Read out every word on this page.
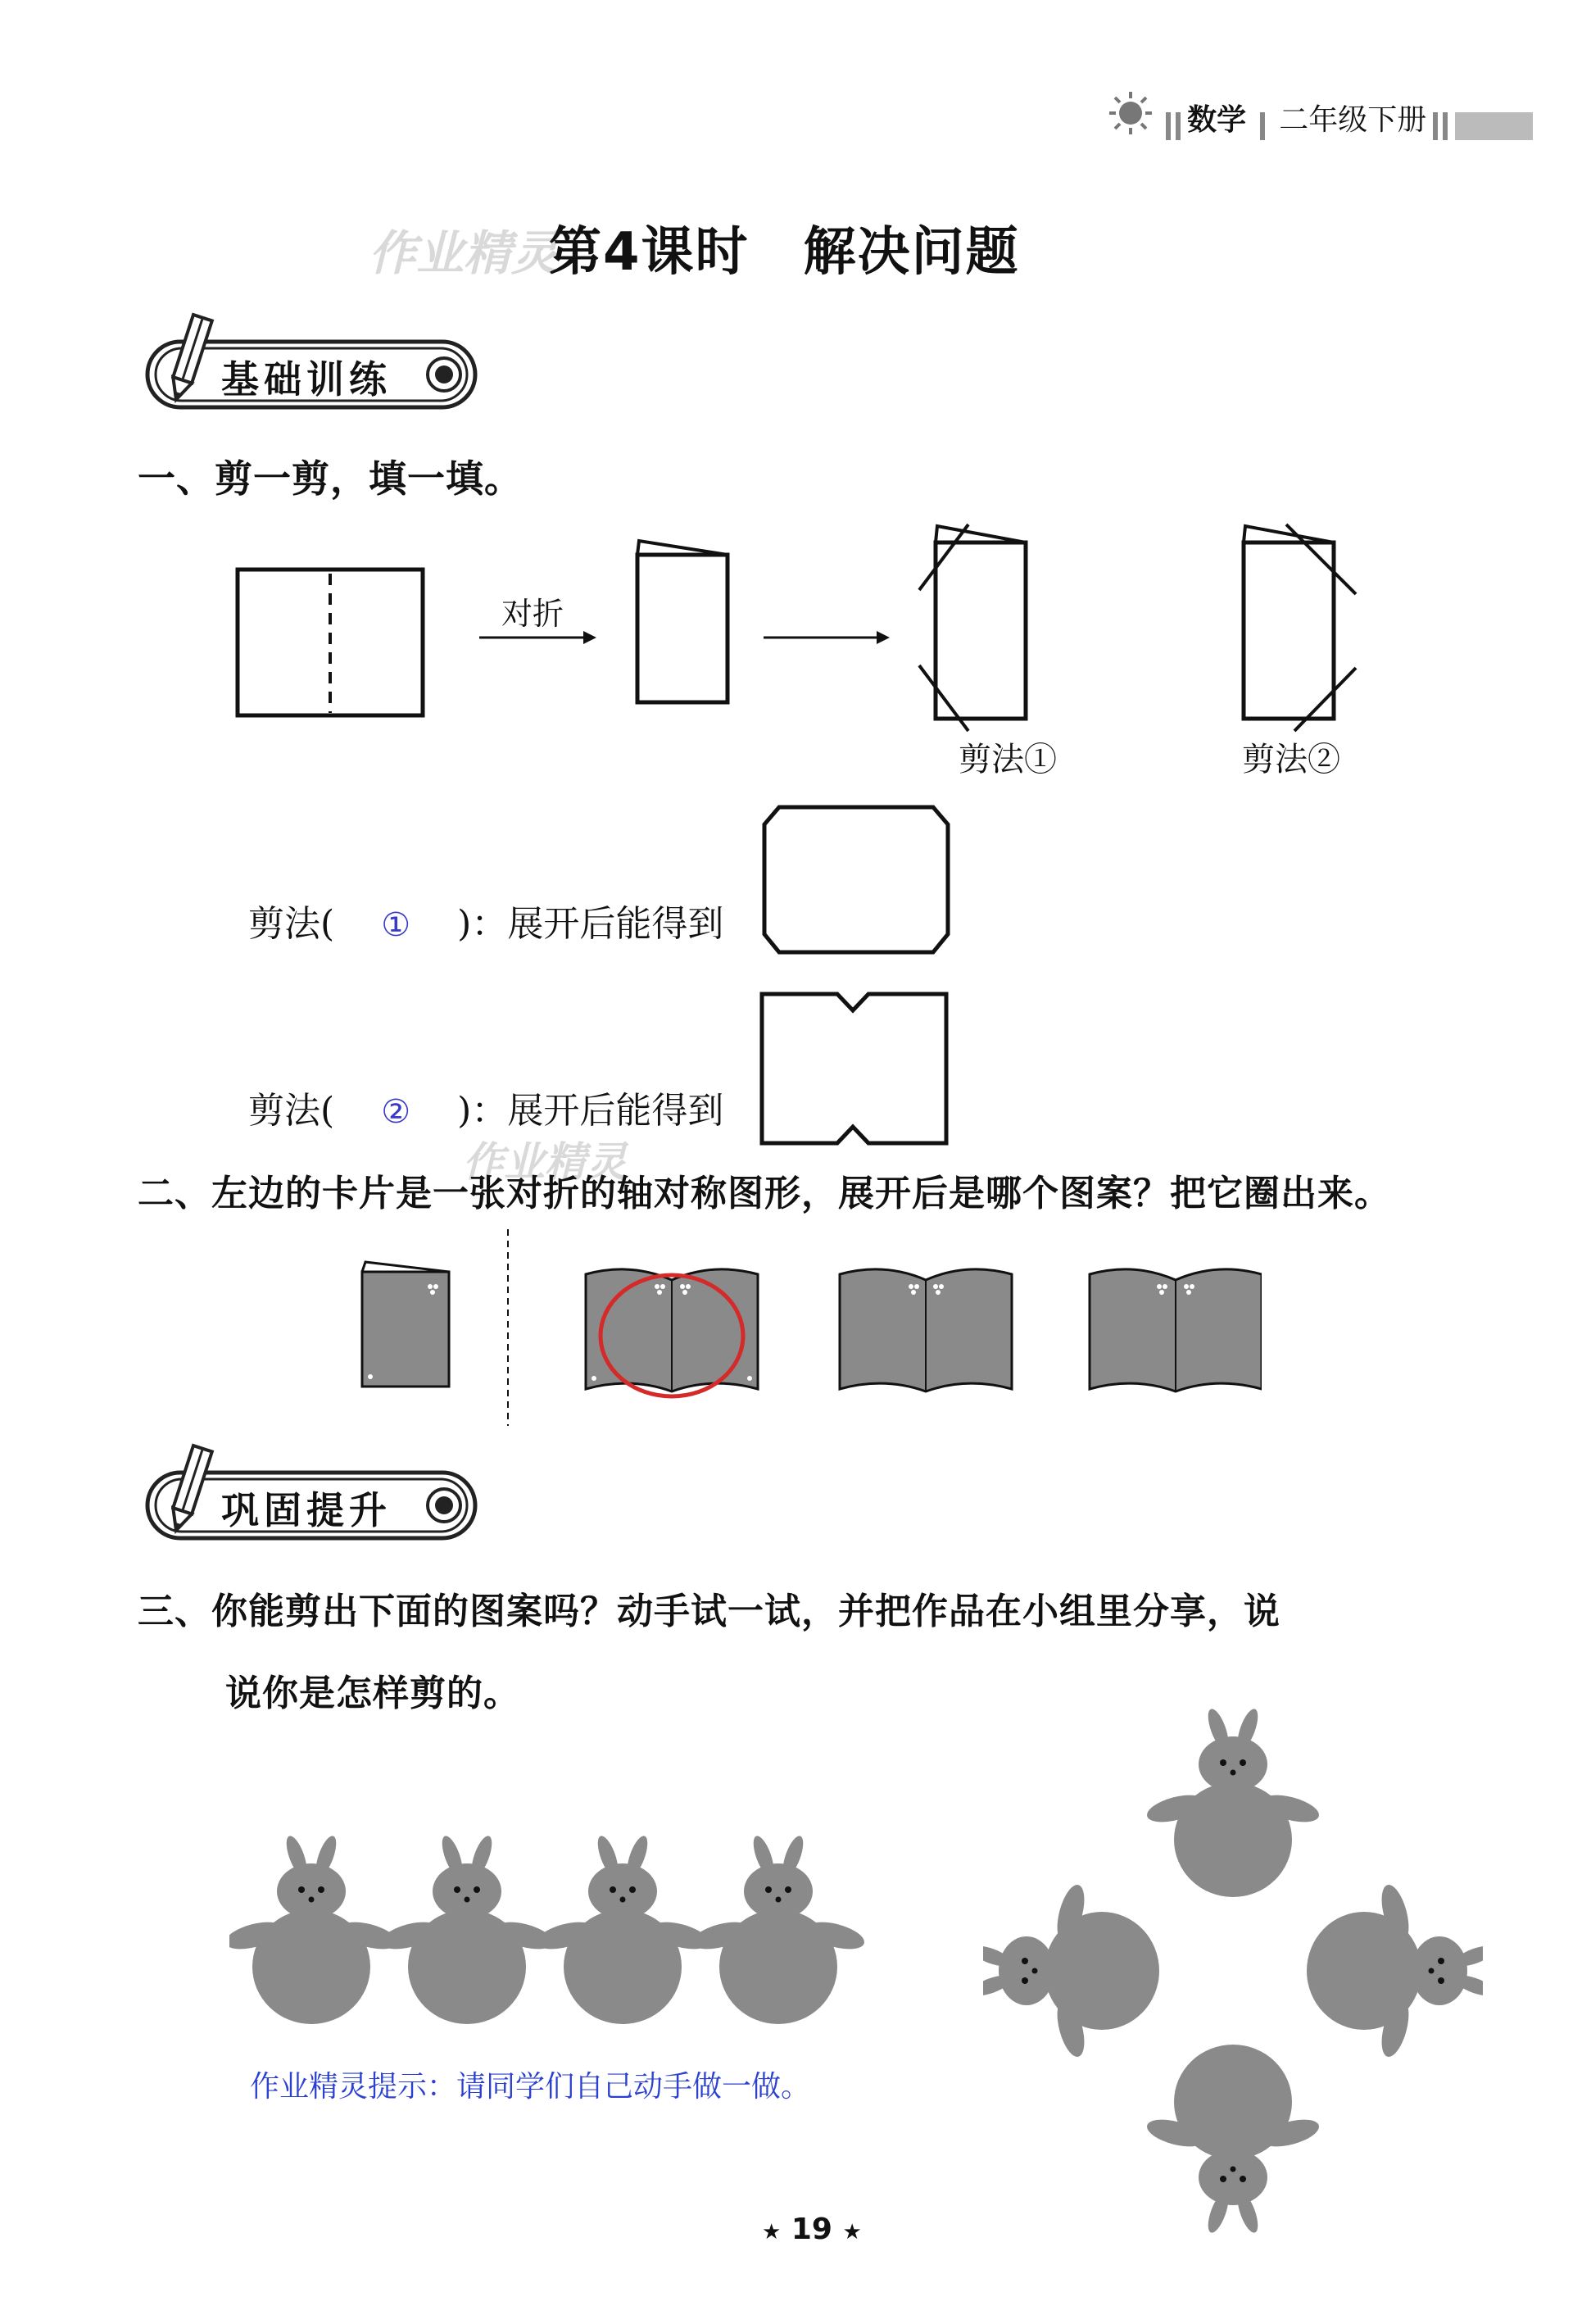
数学 二年级下册
作业精灵
第4课时　解决问题
基础训练
一、剪一剪，填一填。
对折
剪法①	剪法②

剪法( ① )：展开后能得到

剪法( ② )：展开后能得到

作业精灵
二、左边的卡片是一张对折的轴对称图形，展开后是哪个图案？把它圈出来。
巩固提升
三、你能剪出下面的图案吗？动手试一试，并把作品在小组里分享，说
说你是怎样剪的。
作业精灵提示：请同学们自己动手做一做。
★ 19 ★
